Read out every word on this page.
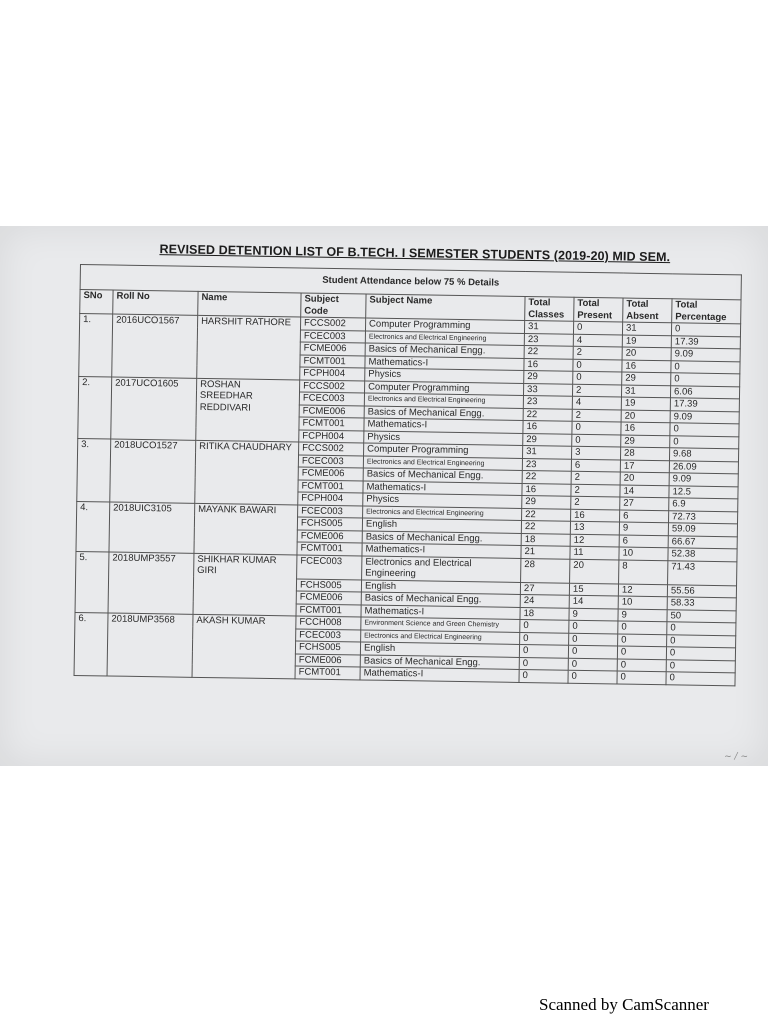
REVISED DETENTION LIST OF B.TECH. I SEMESTER STUDENTS (2019-20) MID SEM.
Student Attendance below 75 % Details								
SNo	Roll No	Name	Subject Code	Subject Name	Total Classes	Total Present	Total Absent	Total Percentage
1.	2016UCO1567	HARSHIT RATHORE	FCCS002	Computer Programming	31	0	31	0
			FCEC003	Electronics and Electrical Engineering	23	4	19	17.39
			FCME006	Basics of Mechanical Engg.	22	2	20	9.09
			FCMT001	Mathematics-I	16	0	16	0
			FCPH004	Physics	29	0	29	0
2.	2017UCO1605	ROSHAN SREEDHAR REDDIVARI	FCCS002	Computer Programming	33	2	31	6.06
			FCEC003	Electronics and Electrical Engineering	23	4	19	17.39
			FCME006	Basics of Mechanical Engg.	22	2	20	9.09
			FCMT001	Mathematics-I	16	0	16	0
			FCPH004	Physics	29	0	29	0
3.	2018UCO1527	RITIKA CHAUDHARY	FCCS002	Computer Programming	31	3	28	9.68
			FCEC003	Electronics and Electrical Engineering	23	6	17	26.09
			FCME006	Basics of Mechanical Engg.	22	2	20	9.09
			FCMT001	Mathematics-I	16	2	14	12.5
			FCPH004	Physics	29	2	27	6.9
4.	2018UIC3105	MAYANK BAWARI	FCEC003	Electronics and Electrical Engineering	22	16	6	72.73
			FCHS005	English	22	13	9	59.09
			FCME006	Basics of Mechanical Engg.	18	12	6	66.67
			FCMT001	Mathematics-I	21	11	10	52.38
5.	2018UMP3557	SHIKHAR KUMAR GIRI	FCEC003	Electronics and Electrical Engineering	28	20	8	71.43
			FCHS005	English	27	15	12	55.56
			FCME006	Basics of Mechanical Engg.	24	14	10	58.33
			FCMT001	Mathematics-I	18	9	9	50
6.	2018UMP3568	AKASH KUMAR	FCCH008	Environment Science and Green Chemistry	0	0	0	0
			FCEC003	Electronics and Electrical Engineering	0	0	0	0
			FCHS005	English	0	0	0	0
			FCME006	Basics of Mechanical Engg.	0	0	0	0
			FCMT001	Mathematics-I	0	0	0	0
~ / ~
Scanned by CamScanner
